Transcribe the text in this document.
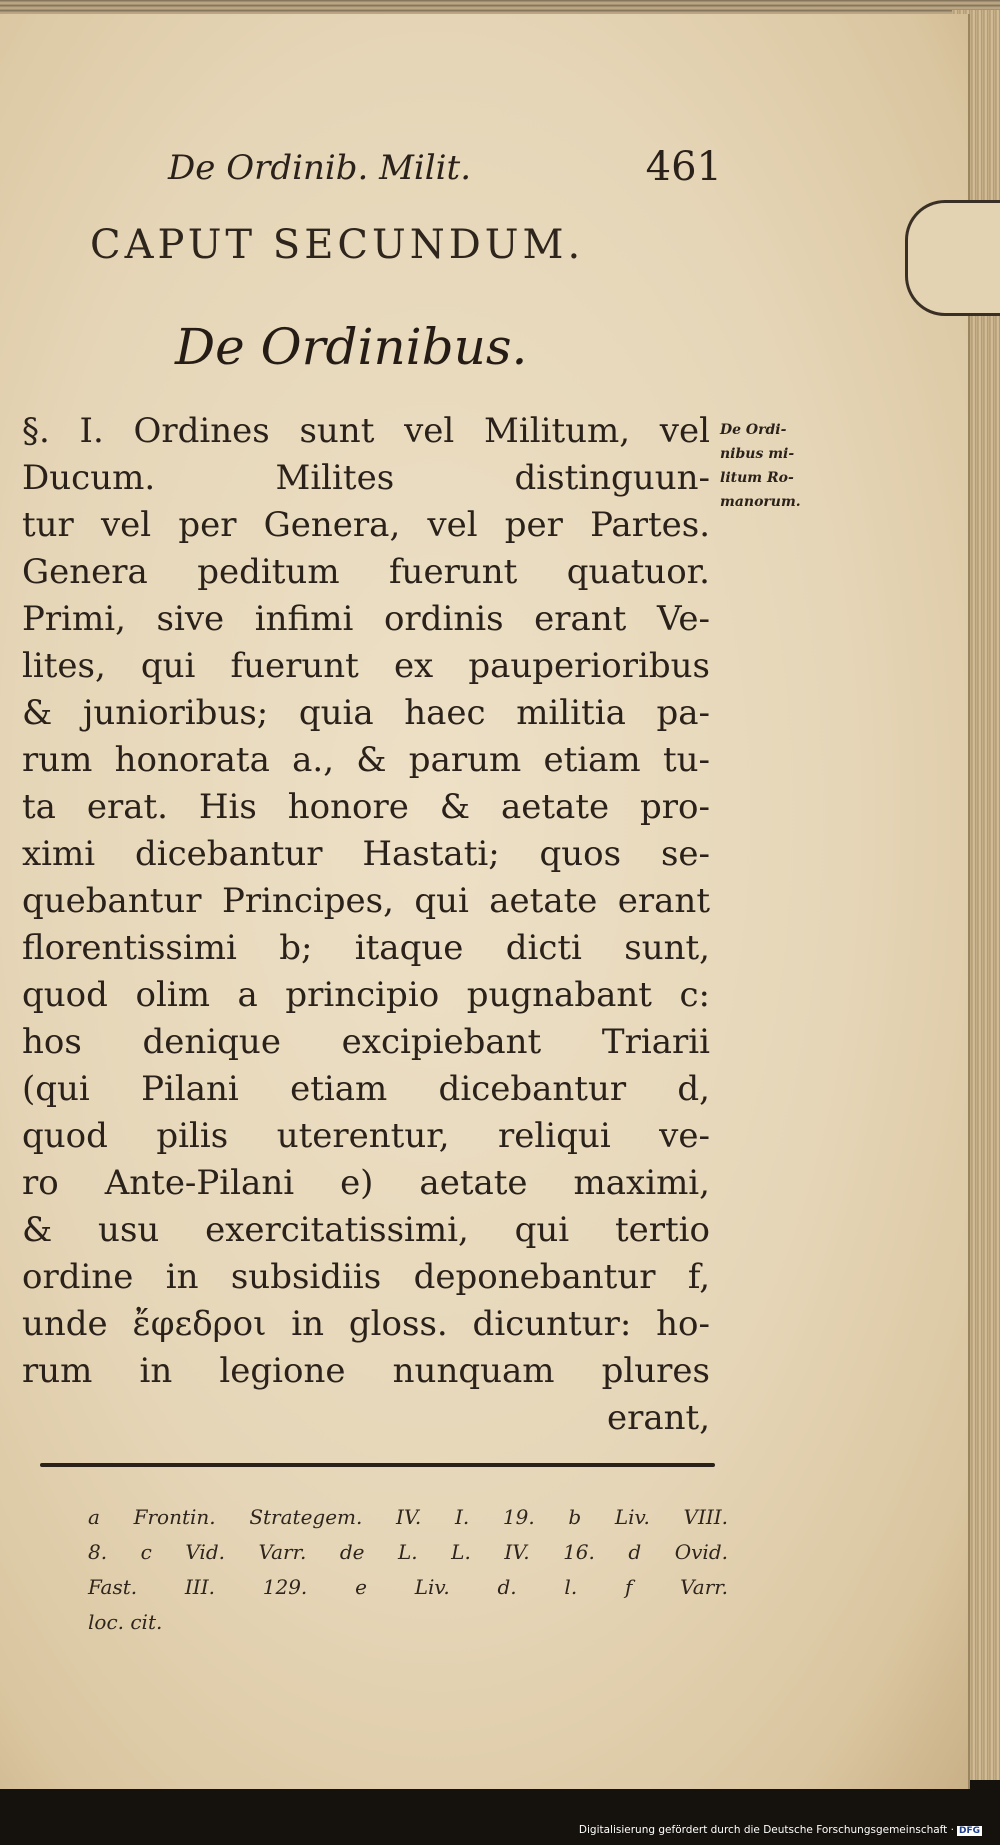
De Ordinib. Milit.	461
CAPUT SECUNDUM.
De Ordinibus.
§. I. Ordines sunt vel Militum, vel
Ducum. Milites distinguun-
tur vel per Genera, vel per Partes.
Genera peditum fuerunt quatuor.
Primi, sive infimi ordinis erant Ve-
lites, qui fuerunt ex pauperioribus
& junioribus; quia haec militia pa-
rum honorata a., & parum etiam tu-
ta erat. His honore & aetate pro-
ximi dicebantur Hastati; quos se-
quebantur Principes, qui aetate erant
florentissimi b; itaque dicti sunt,
quod olim a principio pugnabant c:
hos denique excipiebant Triarii
(qui Pilani etiam dicebantur d,
quod pilis uterentur, reliqui ve-
ro Ante-Pilani e) aetate maximi,
& usu exercitatissimi, qui tertio
ordine in subsidiis deponebantur f,
unde ἔφεδροι in gloss. dicuntur: ho-
rum in legione nunquam plures
erant,
De Ordi-
nibus mi-
litum Ro-
manorum.
a Frontin. Strategem. IV. I. 19. b Liv. VIII.
8. c Vid. Varr. de L. L. IV. 16. d Ovid.
Fast. III. 129. e Liv. d. l. f Varr.
loc. cit.
Digitalisierung gefördert durch die Deutsche Forschungsgemeinschaft · DFG
